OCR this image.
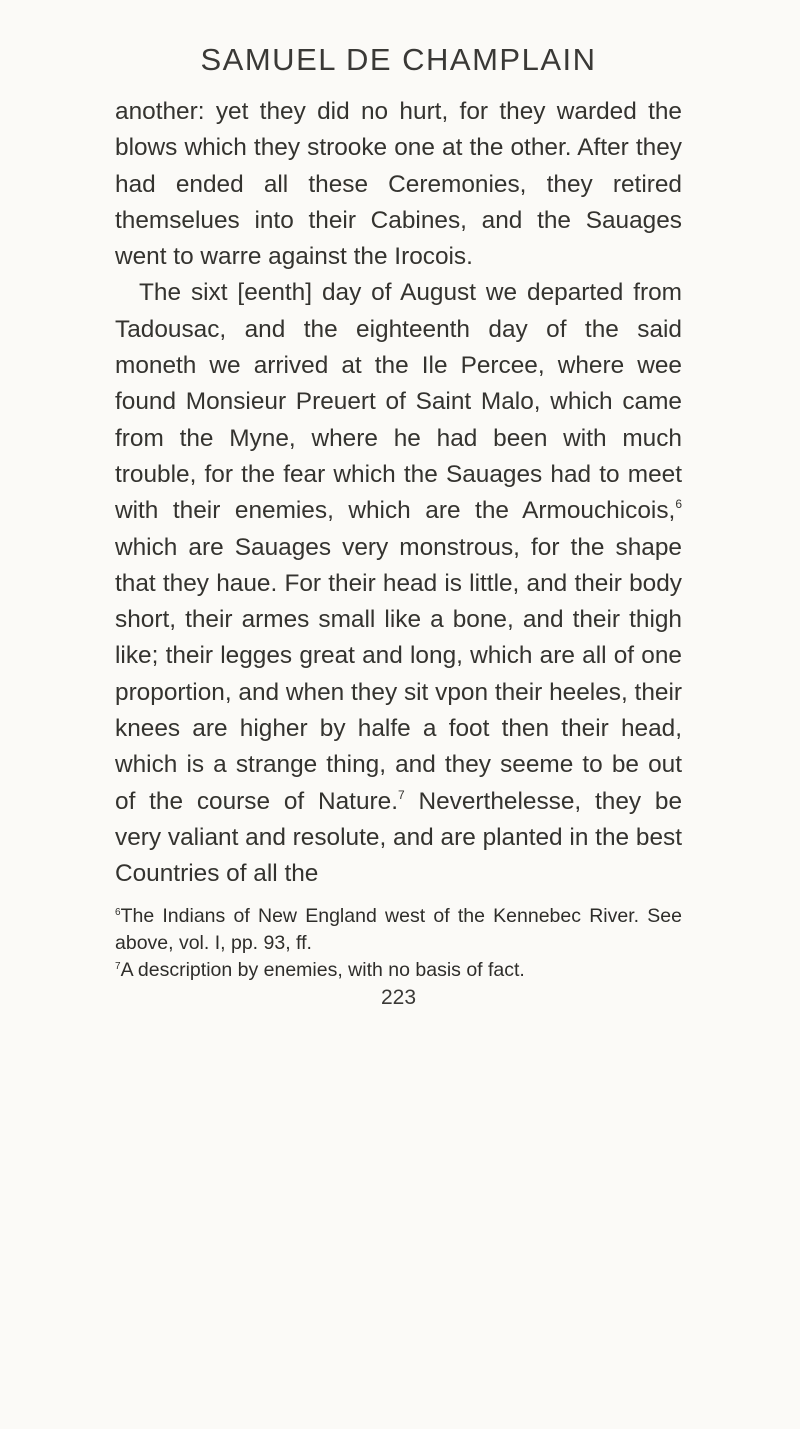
SAMUEL DE CHAMPLAIN

another: yet they did no hurt, for they warded the blows which they strooke one at the other. After they had ended all these Ceremonies, they retired themselues into their Cabines, and the Sauages went to warre against the Irocois.

The sixt [eenth] day of August we departed from Tadousac, and the eighteenth day of the said moneth we arrived at the Ile Percee, where wee found Monsieur Preuert of Saint Malo, which came from the Myne, where he had been with much trouble, for the fear which the Sauages had to meet with their enemies, which are the Armouchicois,$^6$ which are Sauages very monstrous, for the shape that they haue. For their head is little, and their body short, their armes small like a bone, and their thigh like; their legges great and long, which are all of one proportion, and when they sit vpon their heeles, their knees are higher by halfe a foot then their head, which is a strange thing, and they seeme to be out of the course of Nature.$^7$ Neverthelesse, they be very valiant and resolute, and are planted in the best Countries of all the

$^6$The Indians of New England west of the Kennebec River. See above, vol. I, pp. 93, ff.

$^7$A description by enemies, with no basis of fact.

223
